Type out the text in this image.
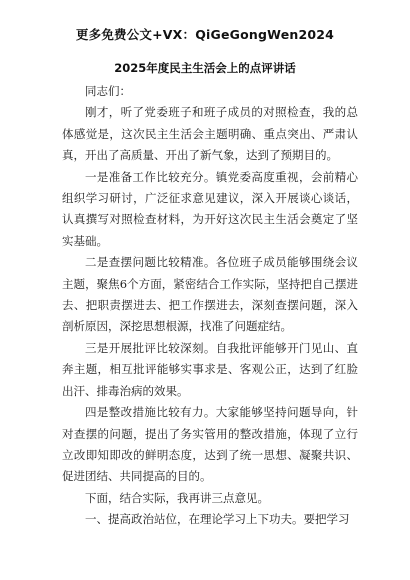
更多免费公文+VX：QiGeGongWen2024
2025年度民主生活会上的点评讲话

同志们：

刚才，听了党委班子和班子成员的对照检查，我的总体感觉是，这次民主生活会主题明确、重点突出、严肃认真，开出了高质量、开出了新气象，达到了预期目的。

一是准备工作比较充分。镇党委高度重视，会前精心组织学习研讨，广泛征求意见建议，深入开展谈心谈话，认真撰写对照检查材料，为开好这次民主生活会奠定了坚实基础。

二是查摆问题比较精准。各位班子成员能够围绕会议主题，聚焦6个方面，紧密结合工作实际，坚持把自己摆进去、把职责摆进去、把工作摆进去，深刻查摆问题，深入剖析原因，深挖思想根源，找准了问题症结。

三是开展批评比较深刻。自我批评能够开门见山、直奔主题，相互批评能够实事求是、客观公正，达到了红脸出汗、排毒治病的效果。

四是整改措施比较有力。大家能够坚持问题导向，针对查摆的问题，提出了务实管用的整改措施，体现了立行立改即知即改的鲜明态度，达到了统一思想、凝聚共识、促进团结、共同提高的目的。

下面，结合实际，我再讲三点意见。

一、提高政治站位，在理论学习上下功夫。要把学习
